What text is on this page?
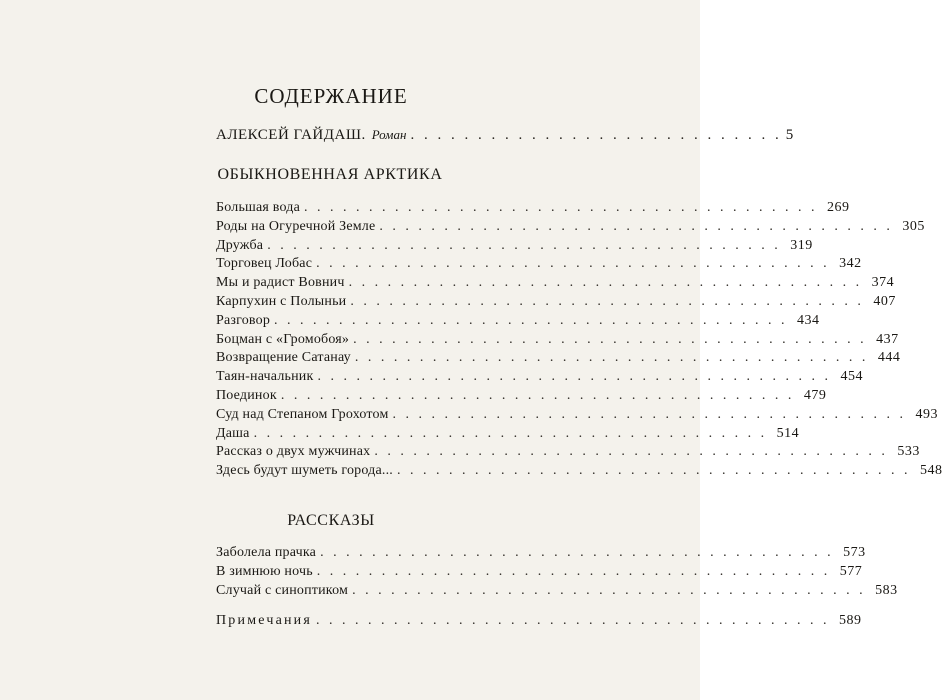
СОДЕРЖАНИЕ
АЛЕКСЕЙ ГАЙДАШ. Роман . . . . . . . . . . . . . . . . . . . . . . . . . . . . 5
ОБЫКНОВЕННАЯ АРКТИКА
Большая вода . . . . . . . . . . . . . . . . . . . . . . . . . . . . . . . . . . . . . . . . 269
Роды на Огуречной Земле . . . . . . . . . . . . . . . . . . . . . . . . . . . . . . . . . . . . . . . . 305
Дружба . . . . . . . . . . . . . . . . . . . . . . . . . . . . . . . . . . . . . . . . 319
Торговец Лобас . . . . . . . . . . . . . . . . . . . . . . . . . . . . . . . . . . . . . . . . 342
Мы и радист Вовнич . . . . . . . . . . . . . . . . . . . . . . . . . . . . . . . . . . . . . . . . 374
Карпухин с Полыньи . . . . . . . . . . . . . . . . . . . . . . . . . . . . . . . . . . . . . . . . 407
Разговор . . . . . . . . . . . . . . . . . . . . . . . . . . . . . . . . . . . . . . . . 434
Боцман с «Громобоя» . . . . . . . . . . . . . . . . . . . . . . . . . . . . . . . . . . . . . . . . 437
Возвращение Сатанау . . . . . . . . . . . . . . . . . . . . . . . . . . . . . . . . . . . . . . . . 444
Таян-начальник . . . . . . . . . . . . . . . . . . . . . . . . . . . . . . . . . . . . . . . . 454
Поединок . . . . . . . . . . . . . . . . . . . . . . . . . . . . . . . . . . . . . . . . 479
Суд над Степаном Грохотом . . . . . . . . . . . . . . . . . . . . . . . . . . . . . . . . . . . . . . . . 493
Даша . . . . . . . . . . . . . . . . . . . . . . . . . . . . . . . . . . . . . . . . 514
Рассказ о двух мужчинах . . . . . . . . . . . . . . . . . . . . . . . . . . . . . . . . . . . . . . . . 533
Здесь будут шуметь города... . . . . . . . . . . . . . . . . . . . . . . . . . . . . . . . . . . . . . . . . 548
РАССКАЗЫ
Заболела прачка . . . . . . . . . . . . . . . . . . . . . . . . . . . . . . . . . . . . . . . . 573
В зимнюю ночь . . . . . . . . . . . . . . . . . . . . . . . . . . . . . . . . . . . . . . . . 577
Случай с синоптиком . . . . . . . . . . . . . . . . . . . . . . . . . . . . . . . . . . . . . . . . 583
Примечания . . . . . . . . . . . . . . . . . . . . . . . . . . . . . . . . . . . . . . . . 589
